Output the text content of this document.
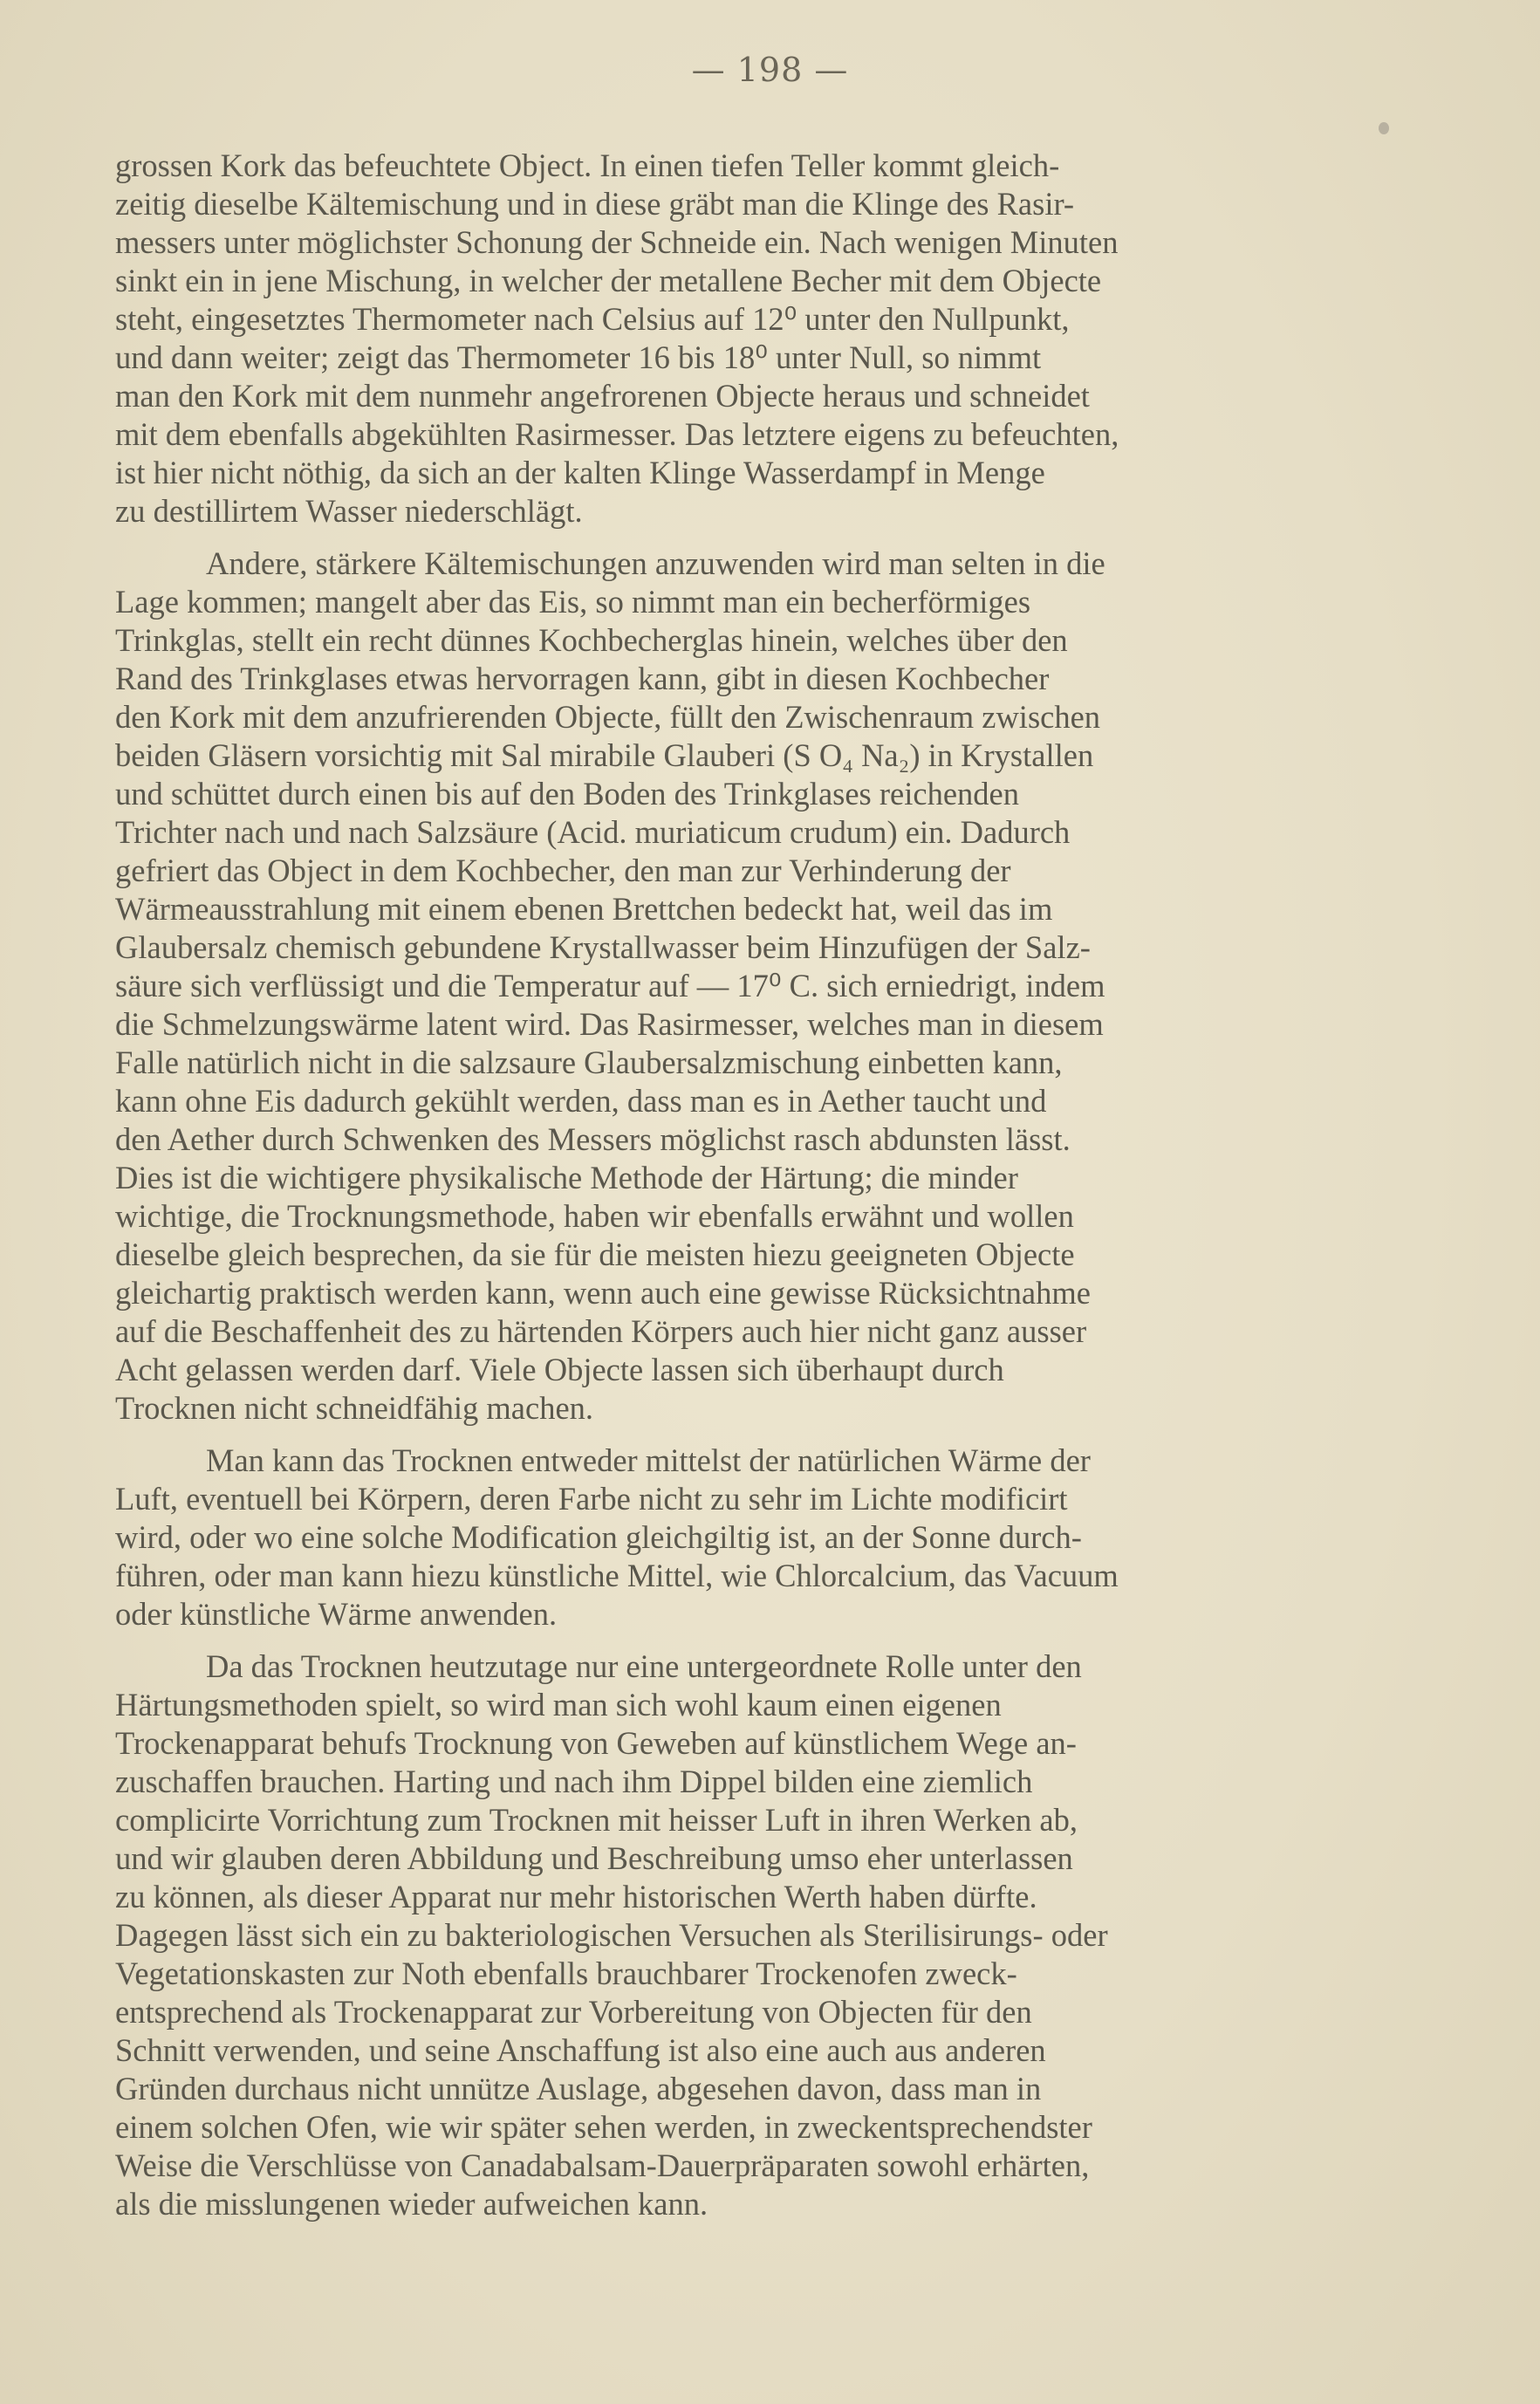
— 198 —

grossen Kork das befeuchtete Object. In einen tiefen Teller kommt gleich-
zeitig dieselbe Kältemischung und in diese gräbt man die Klinge des Rasir-
messers unter möglichster Schonung der Schneide ein. Nach wenigen Minuten
sinkt ein in jene Mischung, in welcher der metallene Becher mit dem Objecte
steht, eingesetztes Thermometer nach Celsius auf 12⁰ unter den Nullpunkt,
und dann weiter; zeigt das Thermometer 16 bis 18⁰ unter Null, so nimmt
man den Kork mit dem nunmehr angefrorenen Objecte heraus und schneidet
mit dem ebenfalls abgekühlten Rasirmesser. Das letztere eigens zu befeuchten,
ist hier nicht nöthig, da sich an der kalten Klinge Wasserdampf in Menge
zu destillirtem Wasser niederschlägt.

Andere, stärkere Kältemischungen anzuwenden wird man selten in die
Lage kommen; mangelt aber das Eis, so nimmt man ein becherförmiges
Trinkglas, stellt ein recht dünnes Kochbecherglas hinein, welches über den
Rand des Trinkglases etwas hervorragen kann, gibt in diesen Kochbecher
den Kork mit dem anzufrierenden Objecte, füllt den Zwischenraum zwischen
beiden Gläsern vorsichtig mit Sal mirabile Glauberi (S O₄ Na₂) in Krystallen
und schüttet durch einen bis auf den Boden des Trinkglases reichenden
Trichter nach und nach Salzsäure (Acid. muriaticum crudum) ein. Dadurch
gefriert das Object in dem Kochbecher, den man zur Verhinderung der
Wärmeausstrahlung mit einem ebenen Brettchen bedeckt hat, weil das im
Glaubersalz chemisch gebundene Krystallwasser beim Hinzufügen der Salz-
säure sich verflüssigt und die Temperatur auf — 17⁰ C. sich erniedrigt, indem
die Schmelzungswärme latent wird. Das Rasirmesser, welches man in diesem
Falle natürlich nicht in die salzsaure Glaubersalzmischung einbetten kann,
kann ohne Eis dadurch gekühlt werden, dass man es in Aether taucht und
den Aether durch Schwenken des Messers möglichst rasch abdunsten lässt.
Dies ist die wichtigere physikalische Methode der Härtung; die minder
wichtige, die Trocknungsmethode, haben wir ebenfalls erwähnt und wollen
dieselbe gleich besprechen, da sie für die meisten hiezu geeigneten Objecte
gleichartig praktisch werden kann, wenn auch eine gewisse Rücksichtnahme
auf die Beschaffenheit des zu härtenden Körpers auch hier nicht ganz ausser
Acht gelassen werden darf. Viele Objecte lassen sich überhaupt durch
Trocknen nicht schneidfähig machen.

Man kann das Trocknen entweder mittelst der natürlichen Wärme der
Luft, eventuell bei Körpern, deren Farbe nicht zu sehr im Lichte modificirt
wird, oder wo eine solche Modification gleichgiltig ist, an der Sonne durch-
führen, oder man kann hiezu künstliche Mittel, wie Chlorcalcium, das Vacuum
oder künstliche Wärme anwenden.

Da das Trocknen heutzutage nur eine untergeordnete Rolle unter den
Härtungsmethoden spielt, so wird man sich wohl kaum einen eigenen
Trockenapparat behufs Trocknung von Geweben auf künstlichem Wege an-
zuschaffen brauchen. Harting und nach ihm Dippel bilden eine ziemlich
complicirte Vorrichtung zum Trocknen mit heisser Luft in ihren Werken ab,
und wir glauben deren Abbildung und Beschreibung umso eher unterlassen
zu können, als dieser Apparat nur mehr historischen Werth haben dürfte.
Dagegen lässt sich ein zu bakteriologischen Versuchen als Sterilisirungs- oder
Vegetationskasten zur Noth ebenfalls brauchbarer Trockenofen zweck-
entsprechend als Trockenapparat zur Vorbereitung von Objecten für den
Schnitt verwenden, und seine Anschaffung ist also eine auch aus anderen
Gründen durchaus nicht unnütze Auslage, abgesehen davon, dass man in
einem solchen Ofen, wie wir später sehen werden, in zweckentsprechendster
Weise die Verschlüsse von Canadabalsam-Dauerpräparaten sowohl erhärten,
als die misslungenen wieder aufweichen kann.
